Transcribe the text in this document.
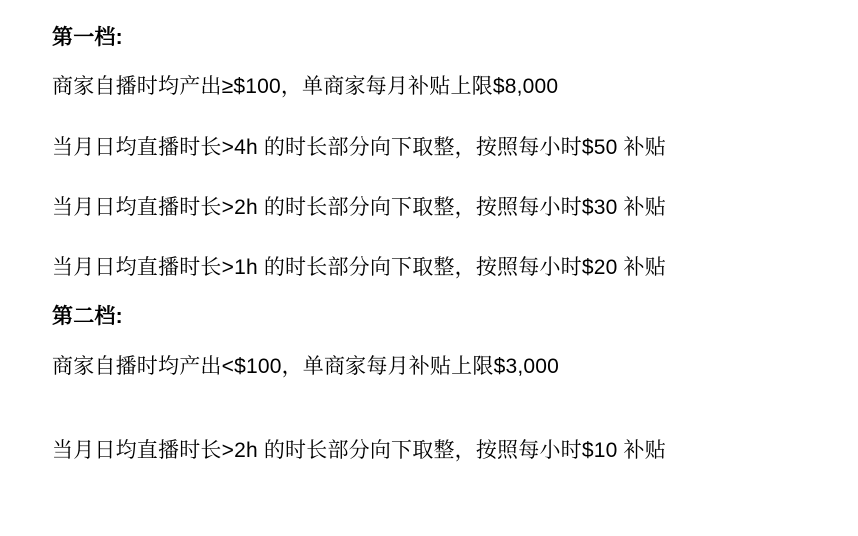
第一档:
商家自播时均产出≥$100，单商家每月补贴上限$8,000
当月日均直播时长>4h 的时长部分向下取整，按照每小时$50 补贴
当月日均直播时长>2h 的时长部分向下取整，按照每小时$30 补贴
当月日均直播时长>1h 的时长部分向下取整，按照每小时$20 补贴
第二档:
商家自播时均产出<$100，单商家每月补贴上限$3,000
当月日均直播时长>2h 的时长部分向下取整，按照每小时$10 补贴
